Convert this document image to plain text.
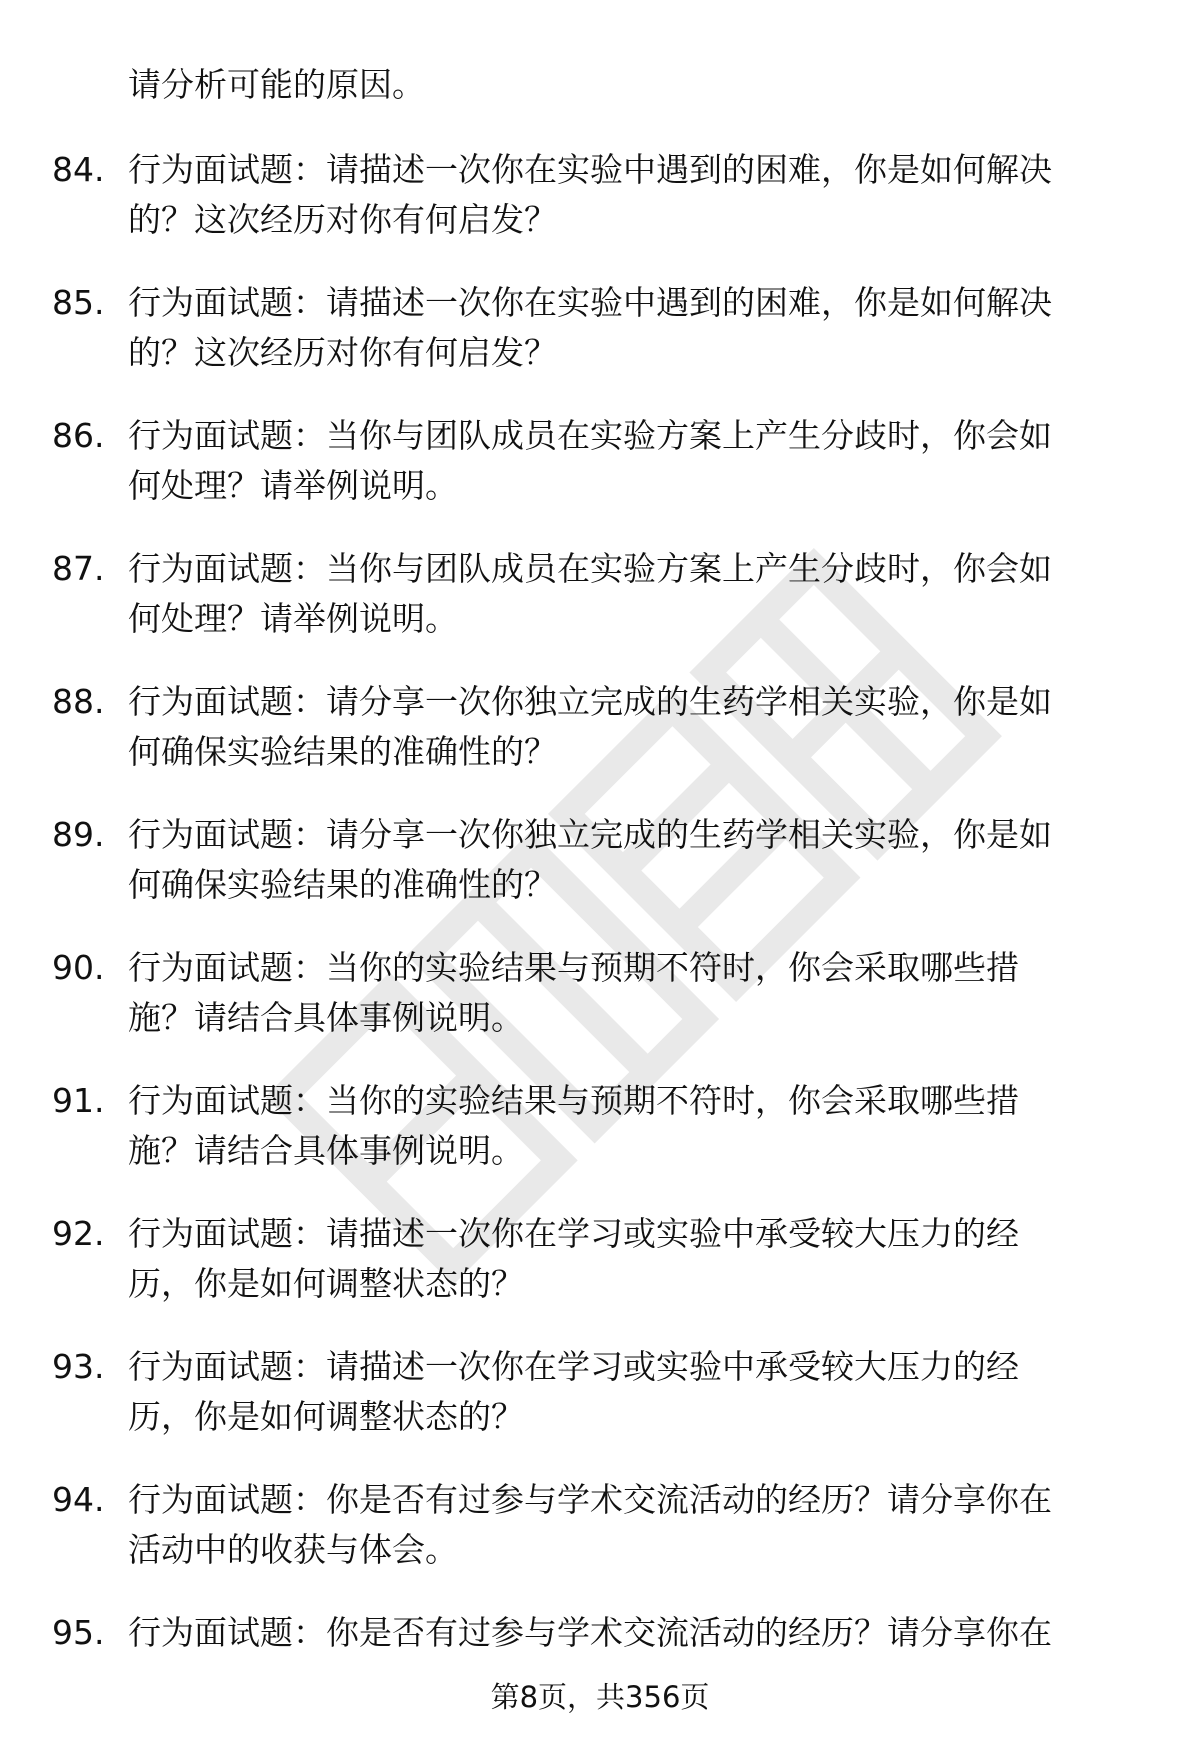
请分析可能的原因。
84. 行为面试题：请描述一次你在实验中遇到的困难，你是如何解决
的？这次经历对你有何启发？
85. 行为面试题：请描述一次你在实验中遇到的困难，你是如何解决
的？这次经历对你有何启发？
86. 行为面试题：当你与团队成员在实验方案上产生分歧时，你会如
何处理？请举例说明。
87. 行为面试题：当你与团队成员在实验方案上产生分歧时，你会如
何处理？请举例说明。
88. 行为面试题：请分享一次你独立完成的生药学相关实验，你是如
何确保实验结果的准确性的？
89. 行为面试题：请分享一次你独立完成的生药学相关实验，你是如
何确保实验结果的准确性的？
90. 行为面试题：当你的实验结果与预期不符时，你会采取哪些措
施？请结合具体事例说明。
91. 行为面试题：当你的实验结果与预期不符时，你会采取哪些措
施？请结合具体事例说明。
92. 行为面试题：请描述一次你在学习或实验中承受较大压力的经
历，你是如何调整状态的？
93. 行为面试题：请描述一次你在学习或实验中承受较大压力的经
历，你是如何调整状态的？
94. 行为面试题：你是否有过参与学术交流活动的经历？请分享你在
活动中的收获与体会。
95. 行为面试题：你是否有过参与学术交流活动的经历？请分享你在
第8页，共356页
